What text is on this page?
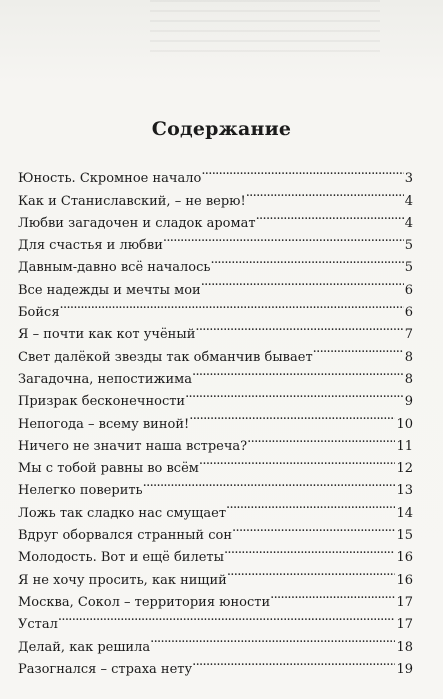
Содержание
Юность. Скромное начало . . .	3
Как и Станиславский, – не верю! . . .	4
Любви загадочен и сладок аромат . . .	4
Для счастья и любви . . .	5
Давным-давно всё началось . . .	5
Все надежды и мечты мои . . .	6
Бойся . . .	6
Я – почти как кот учёный . . .	7
Свет далёкой звезды так обманчив бывает . . .	8
Загадочна, непостижима . . .	8
Призрак бесконечности . . .	9
Непогода – всему виной! . . .	10
Ничего не значит наша встреча? . . .	11
Мы с тобой равны во всём . . .	12
Нелегко поверить . . .	13
Ложь так сладко нас смущает . . .	14
Вдруг оборвался странный сон . . .	15
Молодость. Вот и ещё билеты . . .	16
Я не хочу просить, как нищий . . .	16
Москва, Сокол – территория юности . . .	17
Устал . . .	17
Делай, как решила . . .	18
Разогнался – страха нету . . .	19
